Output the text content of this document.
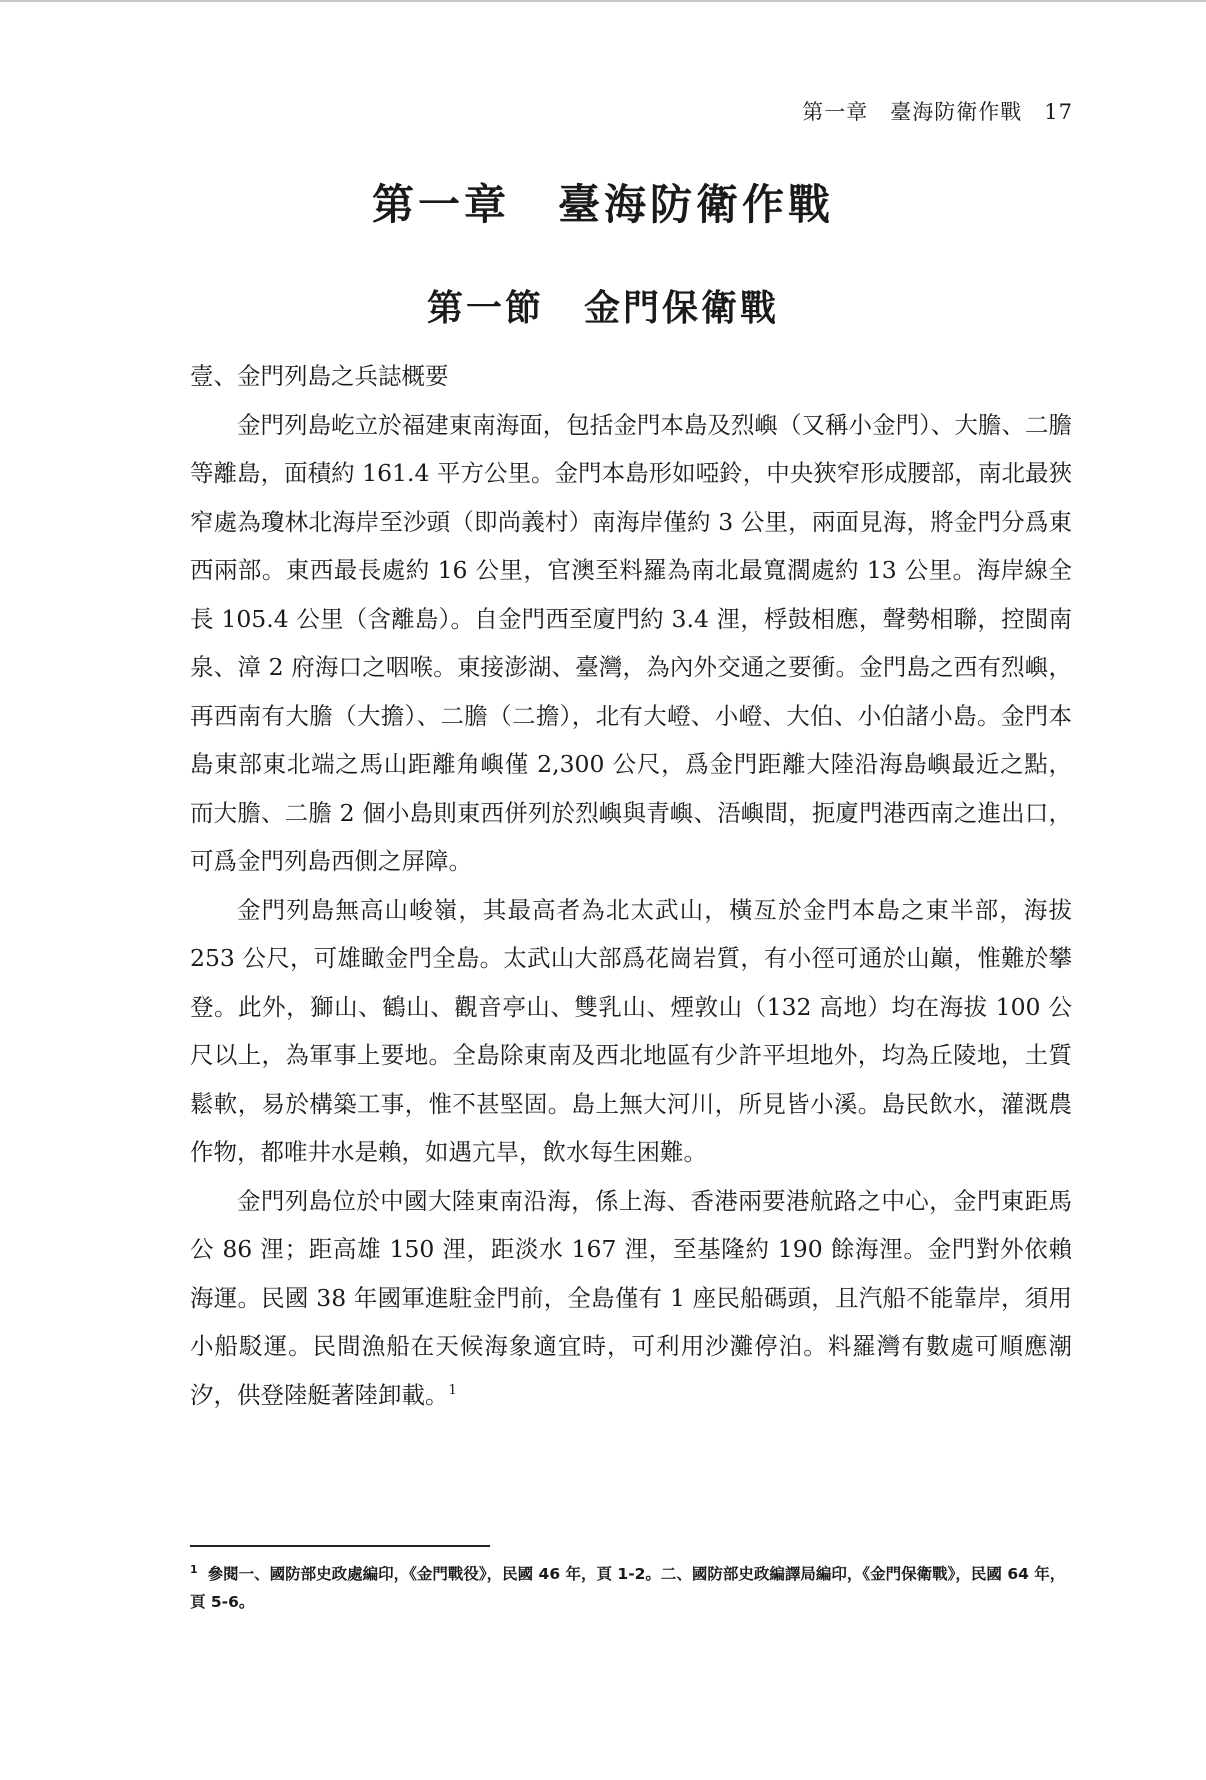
第一章 臺海防衛作戰 17
第一章 臺海防衛作戰
第一節 金門保衛戰

壹、金門列島之兵誌概要

金門列島屹立於福建東南海面，包括金門本島及烈嶼（又稱小金門）、大膽、二膽等離島，面積約 161.4 平方公里。金門本島形如啞鈴，中央狹窄形成腰部，南北最狹窄處為瓊林北海岸至沙頭（即尚義村）南海岸僅約 3 公里，兩面見海，將金門分爲東西兩部。東西最長處約 16 公里，官澳至料羅為南北最寬濶處約 13 公里。海岸線全長 105.4 公里（含離島）。自金門西至廈門約 3.4 浬，桴鼓相應，聲勢相聯，控閩南泉、漳 2 府海口之咽喉。東接澎湖、臺灣，為內外交通之要衝。金門島之西有烈嶼，再西南有大膽（大擔）、二膽（二擔），北有大嶝、小嶝、大伯、小伯諸小島。金門本島東部東北端之馬山距離角嶼僅 2,300 公尺，爲金門距離大陸沿海島嶼最近之點， 而大膽、二膽 2 個小島則東西併列於烈嶼與青嶼、浯嶼間，扼廈門港西南之進出口，可爲金門列島西側之屏障。

金門列島無高山峻嶺，其最高者為北太武山，橫亙於金門本島之東半部，海拔 253 公尺，可雄瞰金門全島。太武山大部爲花崗岩質，有小徑可通於山巔，惟難於攀登。此外，獅山、鶴山、觀音亭山、雙乳山、煙敦山（132 高地）均在海拔 100 公尺以上，為軍事上要地。全島除東南及西北地區有少許平坦地外，均為丘陵地，土質鬆軟，易於構築工事，惟不甚堅固。島上無大河川，所見皆小溪。島民飲水，灌溉農作物，都唯井水是賴，如遇亢旱，飲水每生困難。

金門列島位於中國大陸東南沿海，係上海、香港兩要港航路之中心，金門東距馬公 86 浬；距高雄 150 浬，距淡水 167 浬，至基隆約 190 餘海浬。金門對外依賴海運。民國 38 年國軍進駐金門前，全島僅有 1 座民船碼頭，且汽船不能靠岸，須用小船駁運。民間漁船在天候海象適宜時，可利用沙灘停泊。料羅灣有數處可順應潮汐，供登陸艇著陸卸載。$^1$

$^1$ 參閱一、國防部史政處編印，《金門戰役》，民國 46 年，頁 1-2。二、國防部史政編譯局編印，《金門保衛戰》，民國 64 年，頁 5-6。
